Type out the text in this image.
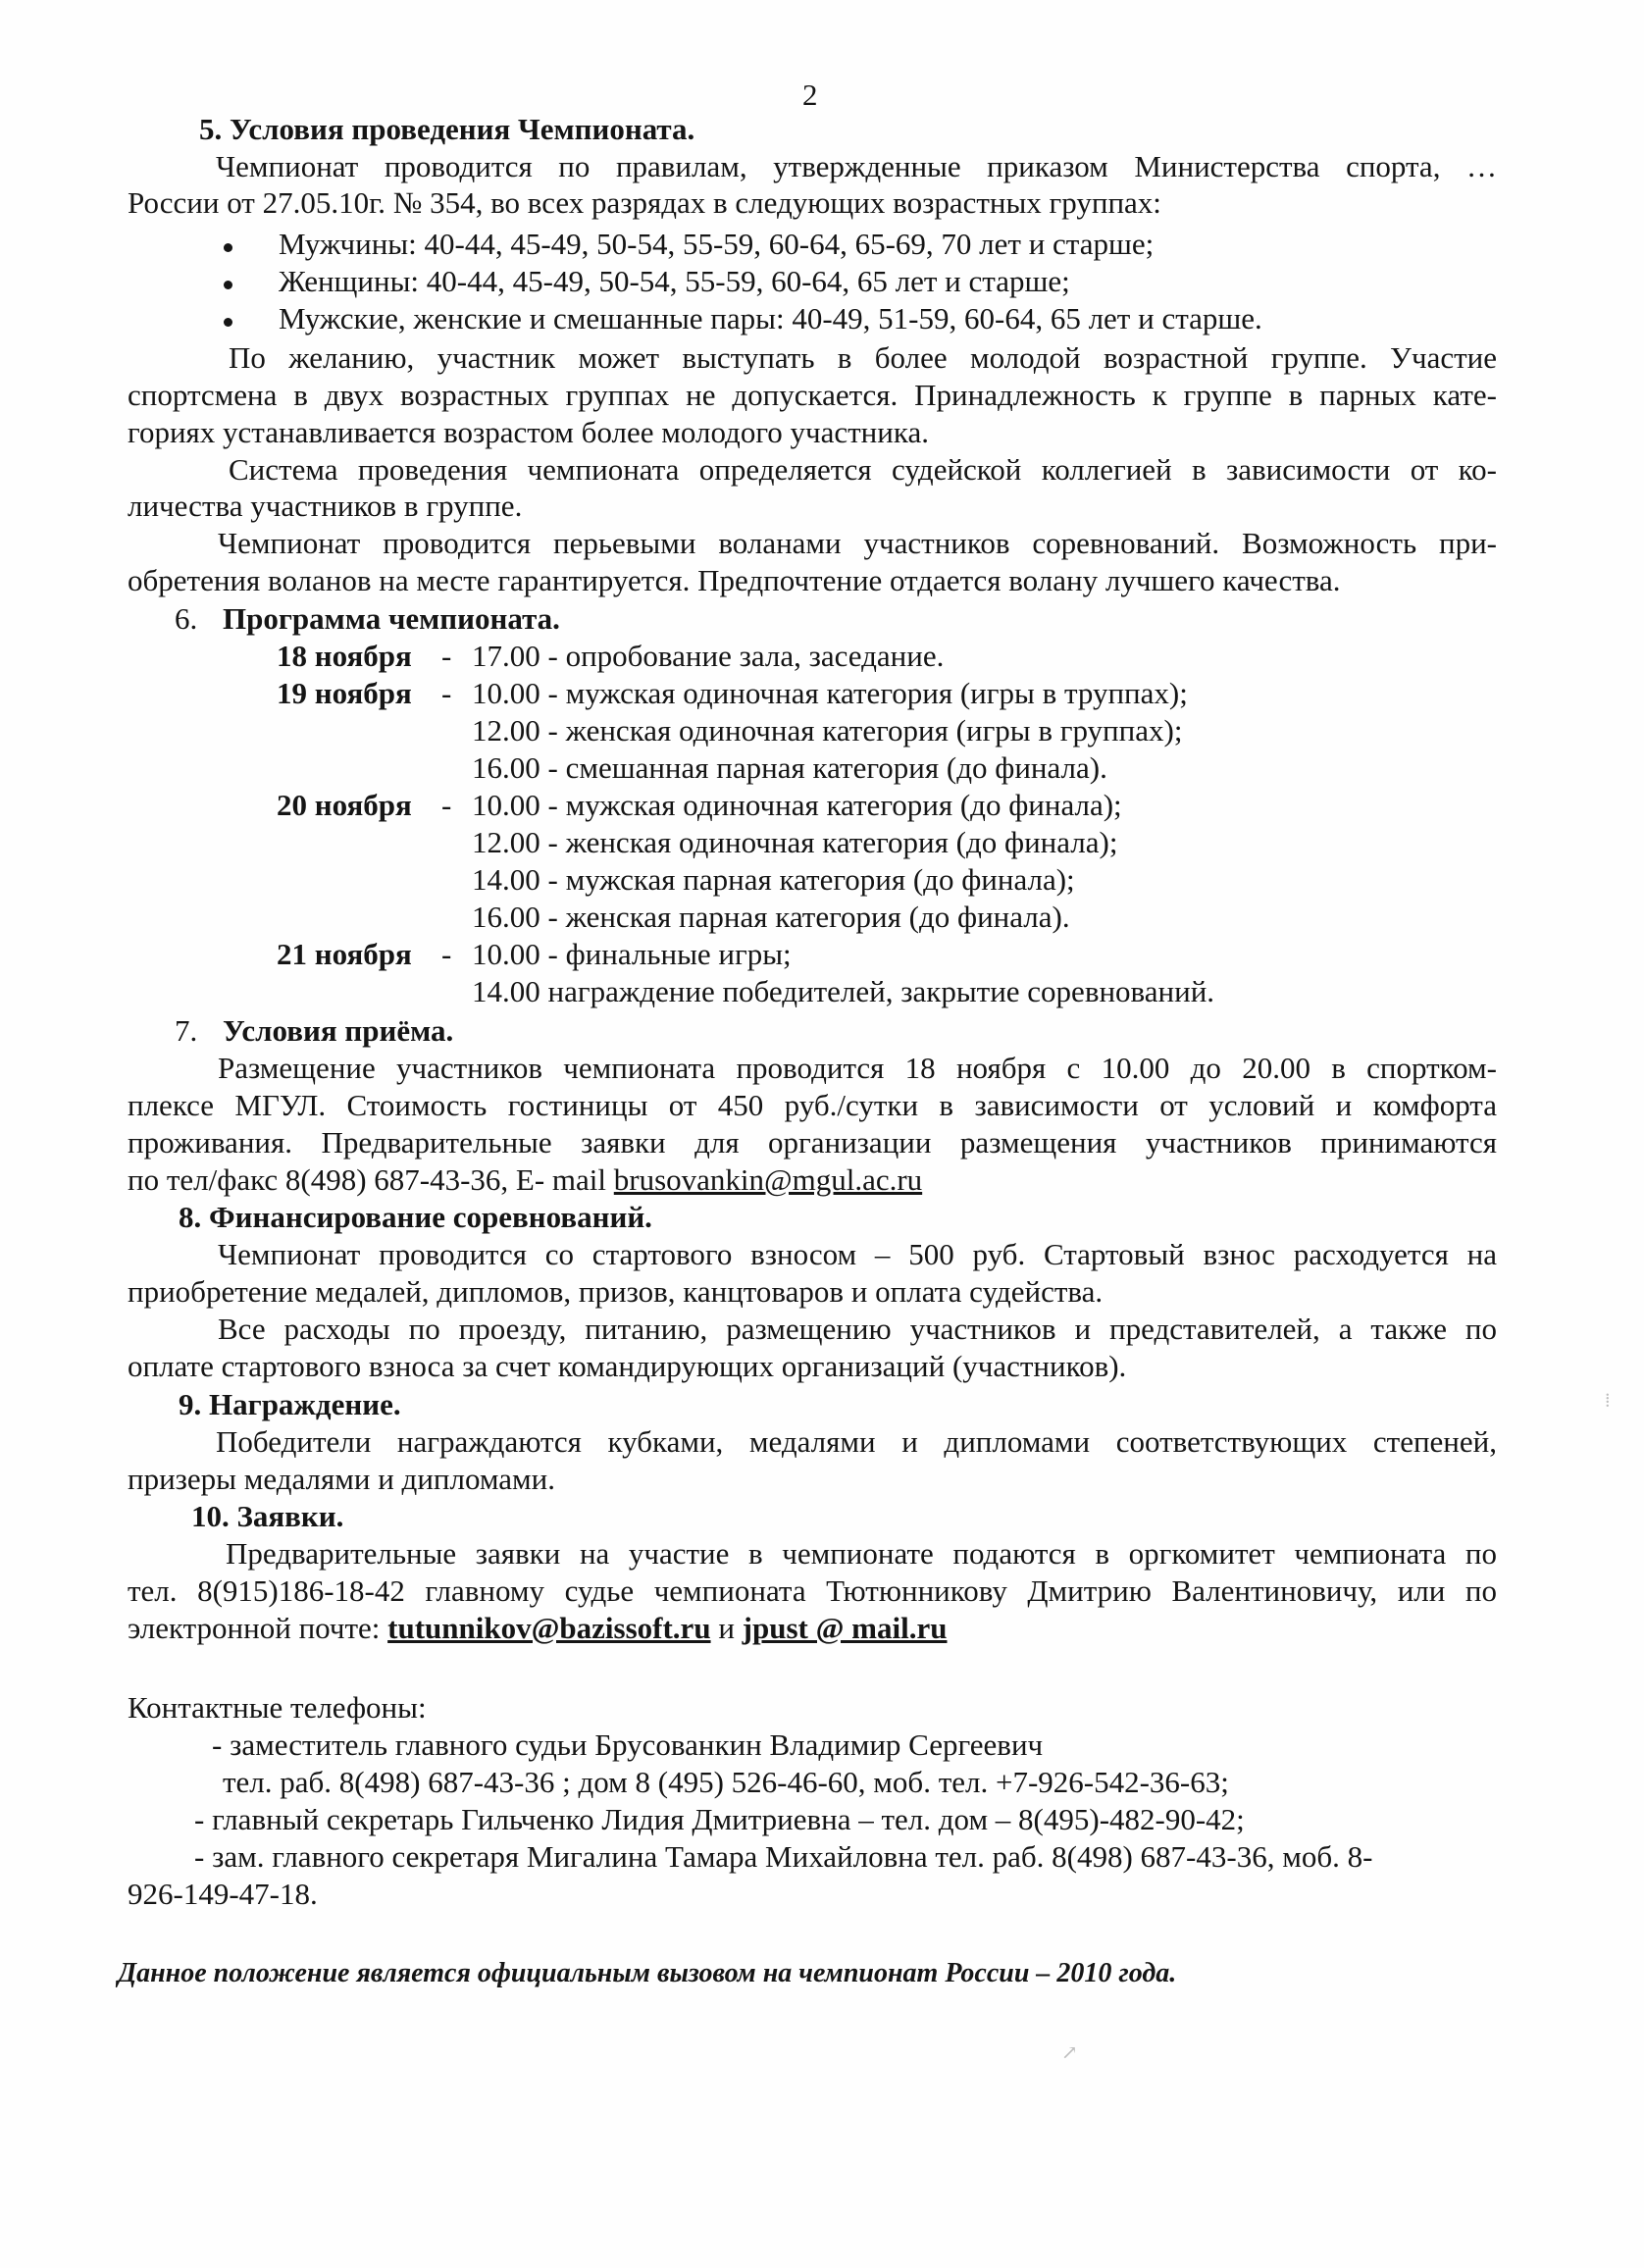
2
5. Условия проведения Чемпионата.
Чемпионат проводится по правилам, утвержденные приказом Министерства спорта, …
России от 27.05.10г. № 354, во всех разрядах в следующих возрастных группах:
Мужчины: 40-44, 45-49, 50-54, 55-59, 60-64, 65-69, 70 лет и старше;
Женщины: 40-44, 45-49, 50-54, 55-59, 60-64, 65 лет и старше;
Мужские, женские и смешанные пары: 40-49, 51-59, 60-64, 65 лет и старше.
По желанию, участник может выступать в более молодой возрастной группе. Участие
спортсмена в двух возрастных группах не допускается. Принадлежность к группе в парных кате-
гориях устанавливается возрастом более молодого участника.
Система проведения чемпионата определяется судейской коллегией в зависимости от ко-
личества участников в группе.
Чемпионат проводится перьевыми воланами участников соревнований. Возможность при-
обретения воланов на месте гарантируется. Предпочтение отдается волану лучшего качества.
6. Программа чемпионата.
18 ноября - 17.00 - опробование зала, заседание.
19 ноября - 10.00 - мужская одиночная категория (игры в труппах);
12.00 - женская одиночная категория (игры в группах);
16.00 - смешанная парная категория (до финала).
20 ноября - 10.00 - мужская одиночная категория (до финала);
12.00 - женская одиночная категория (до финала);
14.00 - мужская парная категория (до финала);
16.00 - женская парная категория (до финала).
21 ноября - 10.00 - финальные игры;
14.00 награждение победителей, закрытие соревнований.
7. Условия приёма.
Размещение участников чемпионата проводится 18 ноября с 10.00 до 20.00 в спортком-
плексе МГУЛ. Стоимость гостиницы от 450 руб./сутки в зависимости от условий и комфорта
проживания. Предварительные заявки для организации размещения участников принимаются
по тел/факс 8(498) 687-43-36, E- mail brusovankin@mgul.ac.ru
8. Финансирование соревнований.
Чемпионат проводится со стартового взносом – 500 руб. Стартовый взнос расходуется на
приобретение медалей, дипломов, призов, канцтоваров и оплата судейства.
Все расходы по проезду, питанию, размещению участников и представителей, а также по
оплате стартового взноса за счет командирующих организаций (участников).
9. Награждение.
Победители награждаются кубками, медалями и дипломами соответствующих степеней,
призеры медалями и дипломами.
10. Заявки.
Предварительные заявки на участие в чемпионате подаются в оргкомитет чемпионата по
тел. 8(915)186-18-42 главному судье чемпионата Тютюнникову Дмитрию Валентиновичу, или по
электронной почте: tutunnikov@bazissoft.ru и jpust @ mail.ru
Контактные телефоны:
- заместитель главного судьи Брусованкин Владимир Сергеевич
тел. раб. 8(498) 687-43-36 ; дом 8 (495) 526-46-60, моб. тел. +7-926-542-36-63;
- главный секретарь Гильченко Лидия Дмитриевна – тел. дом – 8(495)-482-90-42;
- зам. главного секретаря Мигалина Тамара Михайловна тел. раб. 8(498) 687-43-36, моб. 8-
926-149-47-18.
Данное положение является официальным вызовом на чемпионат России – 2010 года.
⁞
↗
